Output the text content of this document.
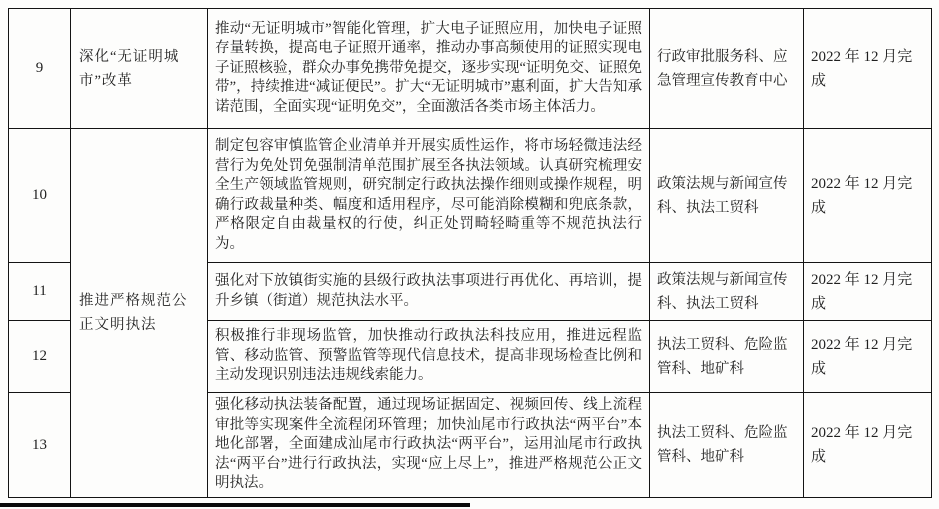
9	深化“无证明城市”改革	推动“无证明城市”智能化管理，扩大电子证照应用，加快电子证照存量转换，提高电子证照开通率，推动办事高频使用的证照实现电子证照核验，群众办事免携带免提交，逐步实现“证明免交、证照免带”，持续推进“减证便民”。扩大“无证明城市”惠利面，扩大告知承诺范围，全面实现“证明免交”，全面激活各类市场主体活力。	行政审批服务科、应急管理宣传教育中心	2022 年 12 月完成
10	推进严格规范公正文明执法	制定包容审慎监管企业清单并开展实质性运作，将市场轻微违法经营行为免处罚免强制清单范围扩展至各执法领域。认真研究梳理安全生产领域监管规则，研究制定行政执法操作细则或操作规程，明确行政裁量种类、幅度和适用程序，尽可能消除模糊和兜底条款，严格限定自由裁量权的行使，纠正处罚畸轻畸重等不规范执法行为。	政策法规与新闻宣传科、执法工贸科	2022 年 12 月完成
11		强化对下放镇街实施的县级行政执法事项进行再优化、再培训，提升乡镇（街道）规范执法水平。	政策法规与新闻宣传科、执法工贸科	2022 年 12 月完成
12		积极推行非现场监管，加快推动行政执法科技应用，推进远程监管、移动监管、预警监管等现代信息技术，提高非现场检查比例和主动发现识别违法违规线索能力。	执法工贸科、危险监管科、地矿科	2022 年 12 月完成
13		强化移动执法装备配置，通过现场证据固定、视频回传、线上流程审批等实现案件全流程闭环管理；加快汕尾市行政执法“两平台”本地化部署，全面建成汕尾市行政执法“两平台”，运用汕尾市行政执法“两平台”进行行政执法，实现“应上尽上”，推进严格规范公正文明执法。	执法工贸科、危险监管科、地矿科	2022 年 12 月完成
